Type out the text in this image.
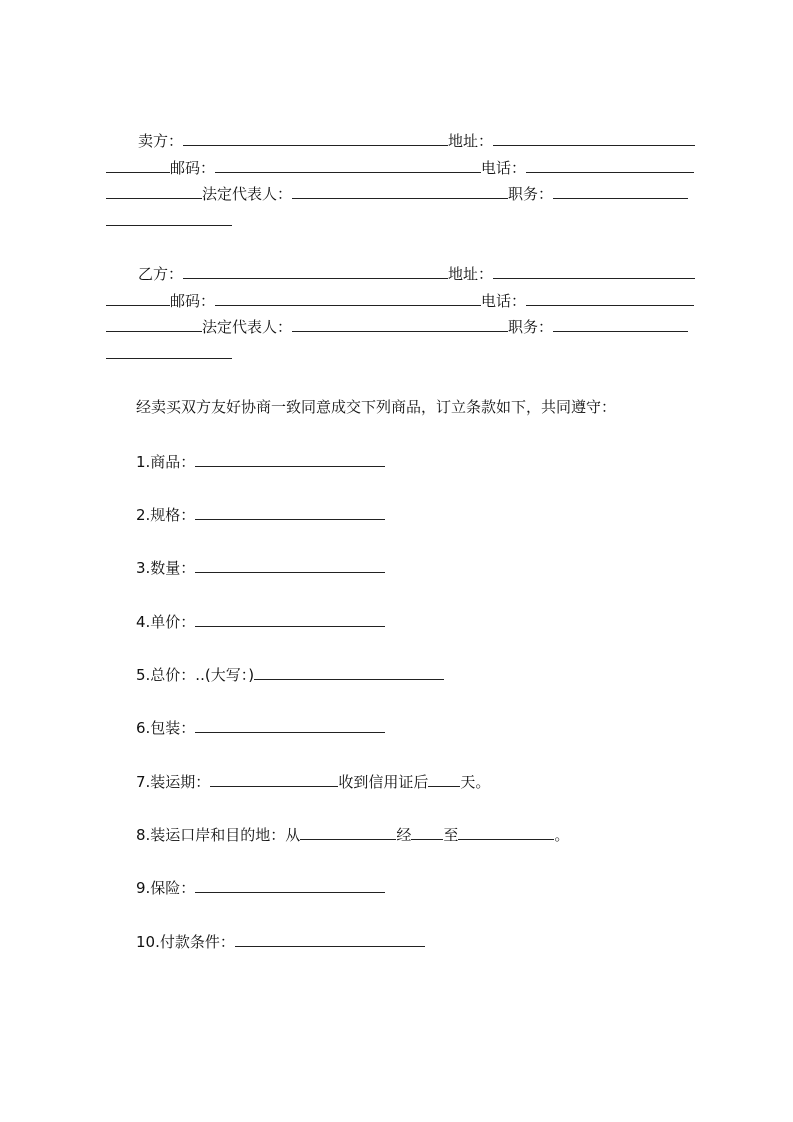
卖方：	地址：
邮码：	电话：
法定代表人：	职务：
乙方：	地址：
邮码：	电话：
法定代表人：	职务：
经卖买双方友好协商一致同意成交下列商品，订立条款如下，共同遵守：
1.商品：
2.规格：
3.数量：
4.单价：
5.总价：..(大写：)
6.包装：
7.装运期：	收到信用证后 天。
8.装运口岸和目的地：从	经 至	。
9.保险：
10.付款条件：
